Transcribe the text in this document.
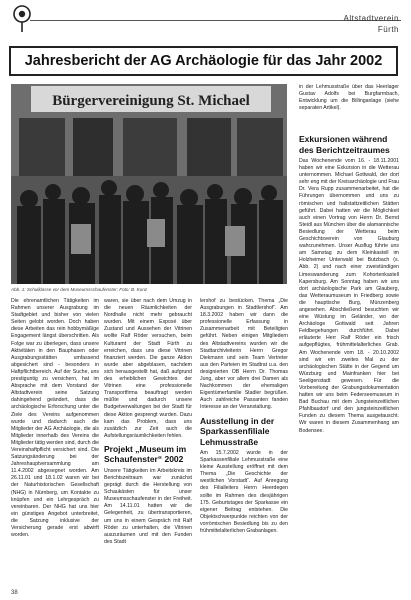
Altstadtverein
Fürth
Jahresbericht der AG Archäologie für das Jahr 2002
Bürgervereinigung St. Michael
Abb. 1: Schulklasse vor dem Museumsschaufenster; Foto: B. Kunz

in der Lehmusstraße über das Heerlager Gustav Adolfs bei Burgfarrnbach, Entwicklung um die Billinganlage (siehe separaten Artikel).

Exkursionen während des Berichtzeitraumes

Das Wochenende vom 16. - 18.11.2001 haben wir eine Exkursion in die Wetterau unternommen. Michael Gottwald, der dort sehr eng mit der Kreisarchäologie und Frau Dr. Vera Rupp zusammenarbeitet, hat die Führungen übernommen und uns zu römischen und hallstattzeitlichen Stätten geführt. Dabei hatten wir die Möglichkeit auch einen Vortrag von Herrn Dr. Bernd Steidl aus München über die alamannische Besiedlung der Wetterau beim Geschichtsverein von Glauburg wahrzunehmen. Unser Ausflug führte uns am Samstag zu dem Kleinkastell im Holzheimer Unterwald bei Butzbach (s. Abb. 2) und nach einer zweistündigen Limeswanderung zum Kohortenkastell Kapersburg. Am Sonntag haben wir uns dort archäologische Park am Glauberg, das Wetteraumuseum in Friedberg sowie die hauptische Burg, Münzenberg angesehen. Abschließend besuchten wir eine Wüstung im Geländer, wo der Archäologe Gottwald seit Jahren Feldbegehungen durchführt. Dabei erläuterte Herr Ralf Röder ein frisch aufgepflügtes, frühmittelalterliches Grab. Am Wochenende vom 18. - 20.10.2002 sind wir ein zweites Mal zu der archäologischen Stätte in der Gegend um Würzburg und Mainfranken hier bei Seeligenstadt gewesen. Für die Vorbereitung der Grabungsdokumentation hatten wir uns beim Federseemuseum in Bad Buchau mit dem Jungsteinzeitlichen Pfahlbaudorf und den jungsteinzeitlichen Funden zu diesem Thema ausgetauscht. Wir waren in diesem Zusammenhang am Bodensee.

Die ehrenamtlichen Tätigkeiten im Rahmen unserer Ausgrabung im Stadtgebiet und bisher von vielen Seiten gelobt worden. Doch haben diese Arbeiten das rein hobbymäßige Engagement längst überschritten. Als Folge war zu überlegen, dass unsere Aktivitäten in den Bauphasen oder Ausgrabungsstätten umfassend abgesichert sind - besonders in Haftpflichtbereich. Auf der Suche, uns prestiguntig zu versichern, hat im Absprache mit dem Vorstand der Altstadtverein seine Satzung dahingehend geändert, dass die archäologische Erforschung unter die Ziele des Vereins aufgenommen wurde und dadurch auch die Mitglieder der AG Archäologie, die als Mitglieder innerhalb des Vereins die Mitglieder tätig werden sind, durch die Vereinshaftpflicht versichert sind. Die Satzungsänderung bei der Jahreshauptversammlung am 11.4.2002 abgesegnet worden. Am 26.11.01 und 18.1.02 waren wir bei der Naturhistorischen Gesellschaft (NHG) in Nürnberg, um Kontakte zu knüpfen und ein Lehrgespräch zu vereinbaren. Der NHG hat uns hier ein günstiges Angebot unterbreitet, die Satzung inklusive der Versicherung gerade erst abwirft worden.

waren, sie über nach dem Umzug in die neuen Räumlichkeiten der Nordhalle nicht mehr gebraucht wurden. Mit einem Exposé über Zustand und Aussehen der Vitrinen wollte Ralf Röder versuchen, beim Kulturamt der Stadt Fürth zu erreichen, dass uns diese Vitrinen finanziert werden. Die ganze Aktion wurde aber abgeblasen, nachdem sich herausgestellt hat, daß aufgrund des erheblichen Gewichtes der Vitrinen eine professionelle Transportfirma beauftragt werden müßte und dadurch unsere Budgetverwaltungen bei der Stadt für diese Aktion gesprengt wurden. Dazu kam das Problem, dass uns zusätzlich zur Zeit auch die Aufstellungsräumlichkeiten fehlen.

Projekt „Museum im Schaufenster“ 2002

Unsere Tätigkeiten im Arbeitskreis im Berichtszeitraum war zunächst geprägt durch die Herstellung von Schaukästen für unser Museumsschaufenster in der Freiheit. Am 14.11.01 hatten wir die Gelegenheit, zu übertransportieren, um uns in einem Gespräch mit Ralf Röder zu unterhalten, die Vitrinen auszuräumen und mit den Funden des Stadt

lershof zu bestücken. Thema „Die Ausgrabungen in Stadtlershof“. Am 18.3.2002 haben wir dann die professionelle Erfassung in Zusammenarbeit mit Beteiligten geführt. Neben einigen Mitgliedern des Altstadtvereins wurden wir die Stadtarchivleiterin Herrn Gregor Diekmann und sein Team Vertreter aus den Parteien im Stadtrat u.a. den designierten OB Herrn Dr. Thomas Jung, aber vor allem drei Damen als Nachkommen der ehemaligen Eigentümerfamilie Stadler begrüßen. Auch zahlreiche Passanten fanden Interesse an der Veranstaltung.

Ausstellung in der Sparkassenfiliale Lehmusstraße

Am 15.7.2002 wurde in der Sparkassenfiliale Lehmusstraße eine kleine Ausstellung eröffnet mit dem Thema „Die Geschichte der westlichen Vorstadt“. Auf Anregung des Filialleiters Herrn Heerdegen sollte im Rahmen des diesjährigen 175. Geburtstages der Sparkasse ein eigener Beitrag entstehen. Die Objektschwerpunkte reichten von der vorrömischen Besiedlung bis zu den frühmittelalterlichen Grabanlagen.

38
